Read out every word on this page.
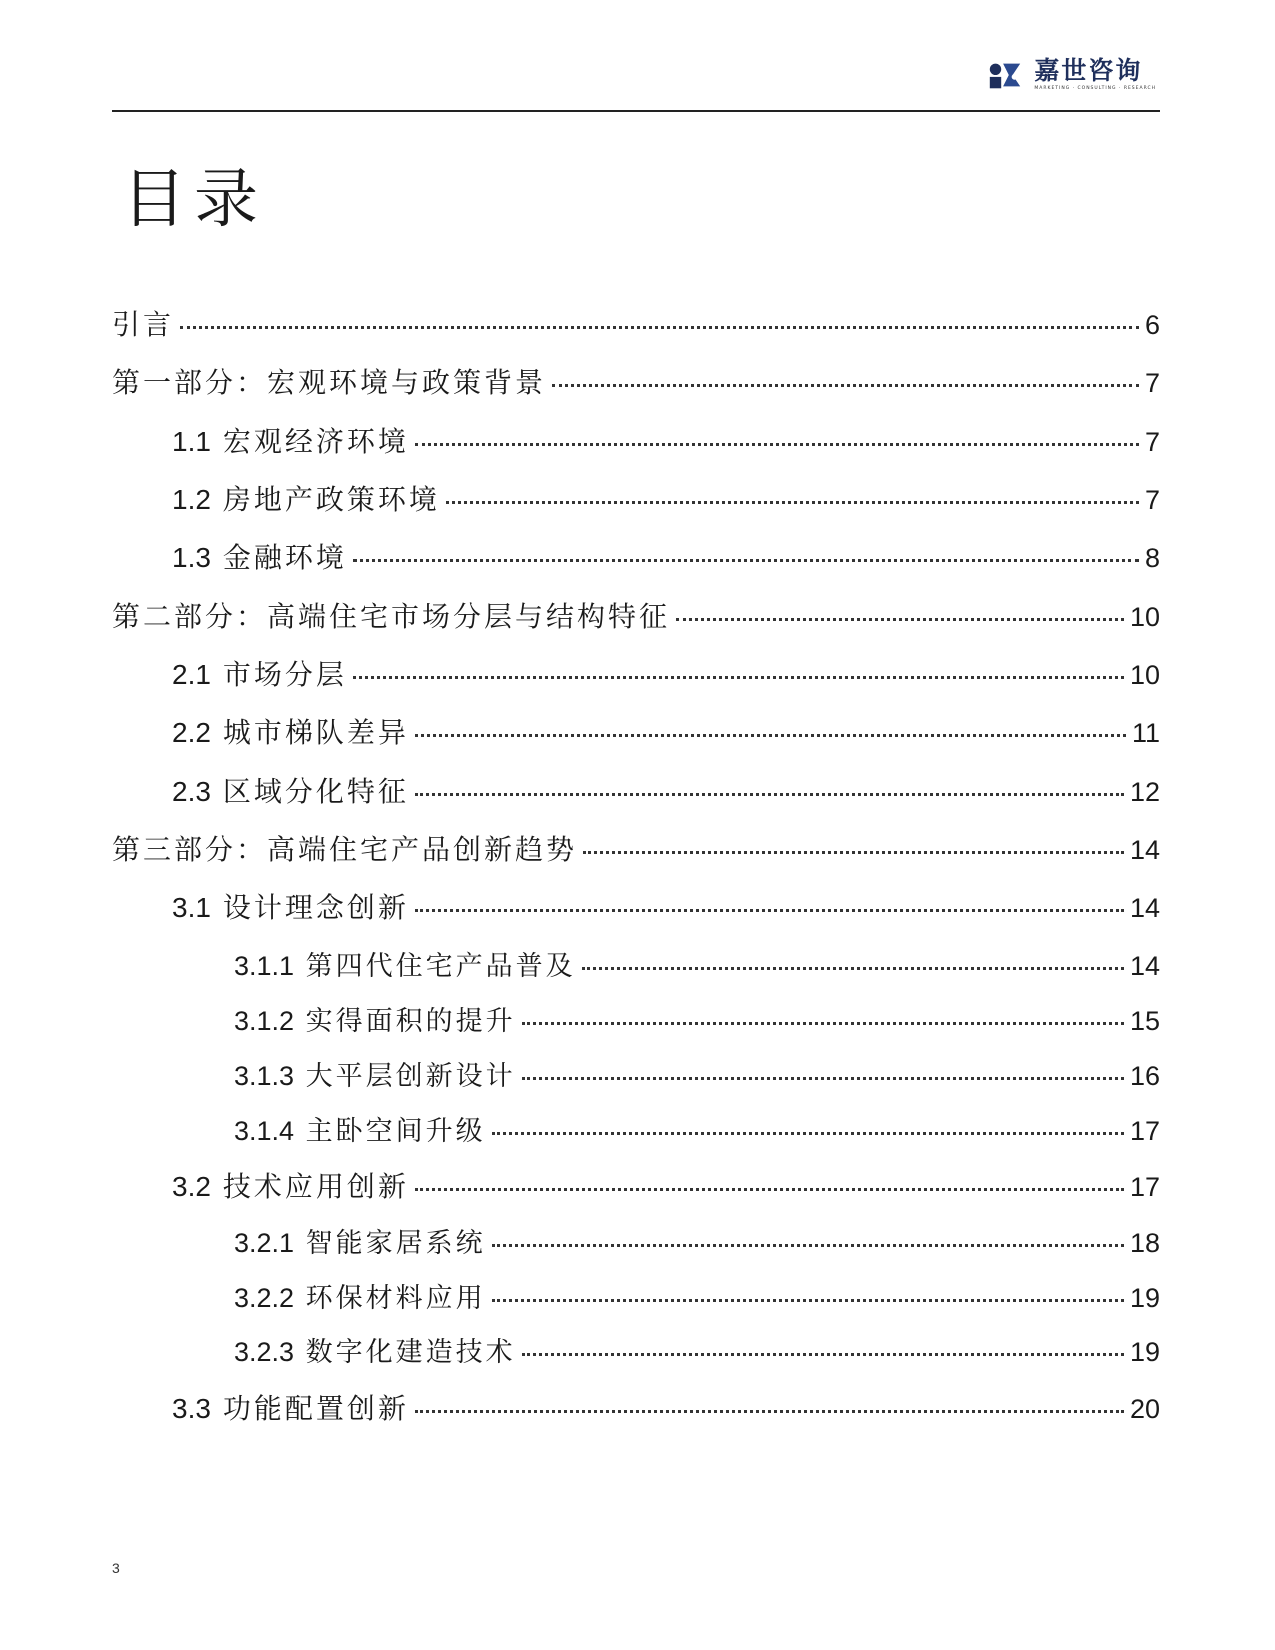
嘉世咨询
MARKETING · CONSULTING · RESEARCH
目录
引言	6
第一部分：宏观环境与政策背景	7
1.1 宏观经济环境	7
1.2 房地产政策环境	7
1.3 金融环境	8
第二部分：高端住宅市场分层与结构特征	10
2.1 市场分层	10
2.2 城市梯队差异	11
2.3 区域分化特征	12
第三部分：高端住宅产品创新趋势	14
3.1 设计理念创新	14
3.1.1 第四代住宅产品普及	14
3.1.2 实得面积的提升	15
3.1.3 大平层创新设计	16
3.1.4 主卧空间升级	17
3.2 技术应用创新	17
3.2.1 智能家居系统	18
3.2.2 环保材料应用	19
3.2.3 数字化建造技术	19
3.3 功能配置创新	20
3
